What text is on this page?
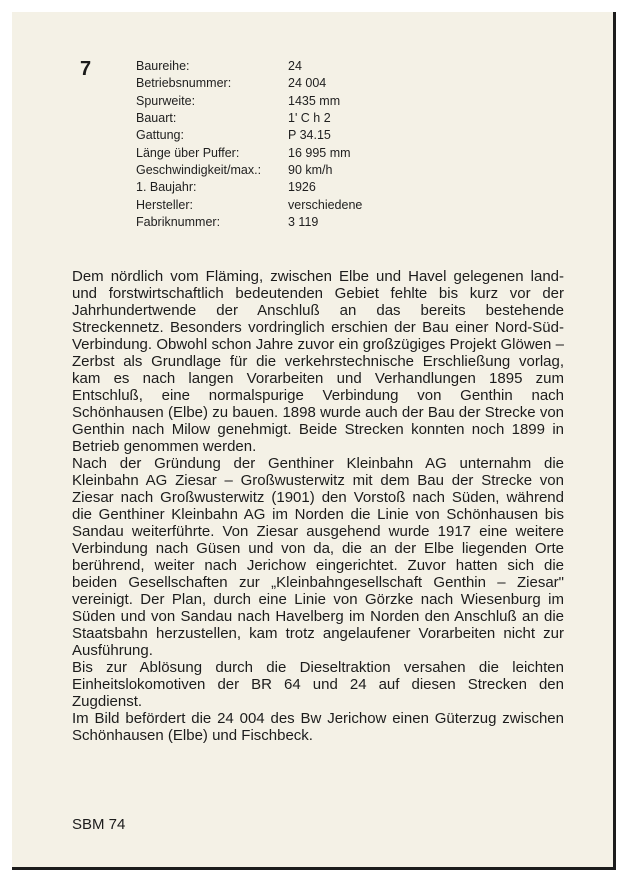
7	Baureihe:	24
Betriebsnummer:	24 004
Spurweite:	1435 mm
Bauart:	1' C h 2
Gattung:	P 34.15
Länge über Puffer:	16 995 mm
Geschwindigkeit/max.:	90 km/h
1. Baujahr:	1926
Hersteller:	verschiedene
Fabriknummer:	3 119

Dem nördlich vom Fläming, zwischen Elbe und Havel gelegenen land- und forstwirtschaftlich bedeutenden Gebiet fehlte bis kurz vor der Jahrhundertwende der Anschluß an das bereits bestehende Streckennetz. Besonders vordringlich erschien der Bau einer Nord-Süd-Verbindung. Obwohl schon Jahre zuvor ein großzügiges Projekt Glöwen – Zerbst als Grundlage für die verkehrstechnische Erschließung vorlag, kam es nach langen Vorarbeiten und Verhandlungen 1895 zum Entschluß, eine normalspurige Verbindung von Genthin nach Schönhausen (Elbe) zu bauen. 1898 wurde auch der Bau der Strecke von Genthin nach Milow genehmigt. Beide Strecken konnten noch 1899 in Betrieb genommen werden.

Nach der Gründung der Genthiner Kleinbahn AG unternahm die Kleinbahn AG Ziesar – Großwusterwitz mit dem Bau der Strecke von Ziesar nach Großwusterwitz (1901) den Vorstoß nach Süden, während die Genthiner Kleinbahn AG im Norden die Linie von Schönhausen bis Sandau weiterführte. Von Ziesar ausgehend wurde 1917 eine weitere Verbindung nach Güsen und von da, die an der Elbe liegenden Orte berührend, weiter nach Jerichow eingerichtet. Zuvor hatten sich die beiden Gesellschaften zur „Kleinbahngesellschaft Genthin – Ziesar" vereinigt. Der Plan, durch eine Linie von Görzke nach Wiesenburg im Süden und von Sandau nach Havelberg im Norden den Anschluß an die Staatsbahn herzustellen, kam trotz angelaufener Vorarbeiten nicht zur Ausführung.

Bis zur Ablösung durch die Dieseltraktion versahen die leichten Einheitslokomotiven der BR 64 und 24 auf diesen Strecken den Zugdienst.

Im Bild befördert die 24 004 des Bw Jerichow einen Güterzug zwischen Schönhausen (Elbe) und Fischbeck.

SBM 74
